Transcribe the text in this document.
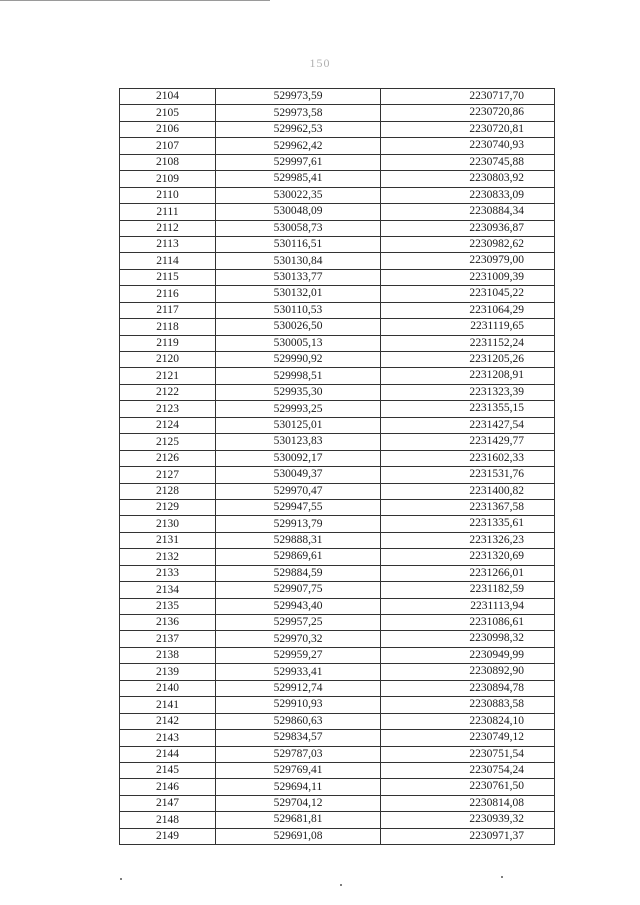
150
2104	529973,59	2230717,70
2105	529973,58	2230720,86
2106	529962,53	2230720,81
2107	529962,42	2230740,93
2108	529997,61	2230745,88
2109	529985,41	2230803,92
2110	530022,35	2230833,09
2111	530048,09	2230884,34
2112	530058,73	2230936,87
2113	530116,51	2230982,62
2114	530130,84	2230979,00
2115	530133,77	2231009,39
2116	530132,01	2231045,22
2117	530110,53	2231064,29
2118	530026,50	2231119,65
2119	530005,13	2231152,24
2120	529990,92	2231205,26
2121	529998,51	2231208,91
2122	529935,30	2231323,39
2123	529993,25	2231355,15
2124	530125,01	2231427,54
2125	530123,83	2231429,77
2126	530092,17	2231602,33
2127	530049,37	2231531,76
2128	529970,47	2231400,82
2129	529947,55	2231367,58
2130	529913,79	2231335,61
2131	529888,31	2231326,23
2132	529869,61	2231320,69
2133	529884,59	2231266,01
2134	529907,75	2231182,59
2135	529943,40	2231113,94
2136	529957,25	2231086,61
2137	529970,32	2230998,32
2138	529959,27	2230949,99
2139	529933,41	2230892,90
2140	529912,74	2230894,78
2141	529910,93	2230883,58
2142	529860,63	2230824,10
2143	529834,57	2230749,12
2144	529787,03	2230751,54
2145	529769,41	2230754,24
2146	529694,11	2230761,50
2147	529704,12	2230814,08
2148	529681,81	2230939,32
2149	529691,08	2230971,37
